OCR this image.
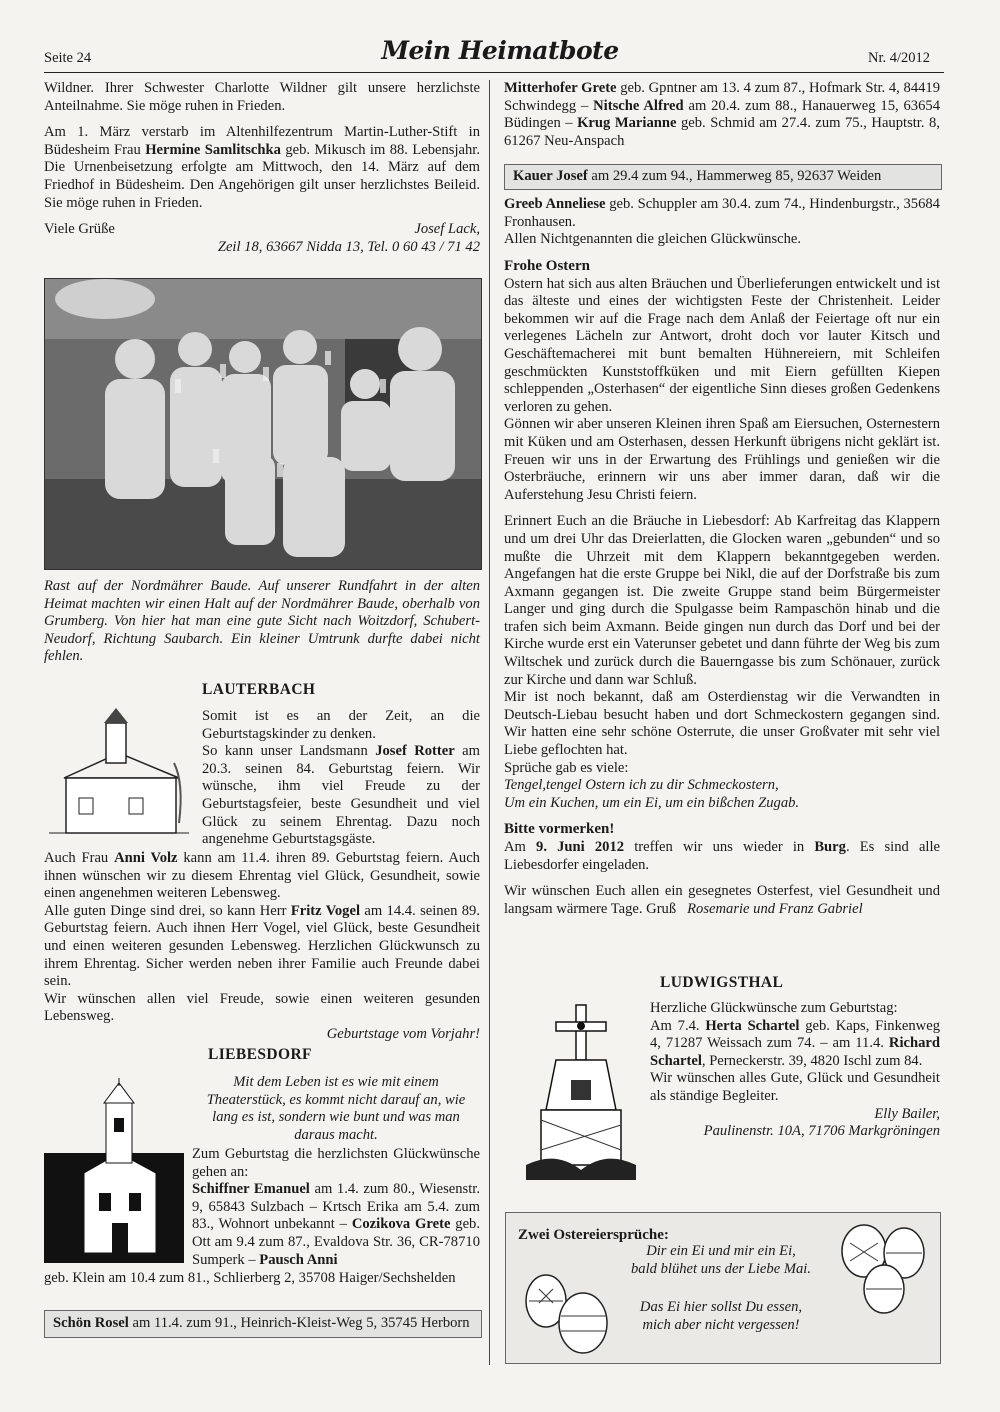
Seite 24	Mein Heimatbote	Nr. 4/2012

Wildner. Ihrer Schwester Charlotte Wildner gilt unsere herzlichste Anteilnahme. Sie möge ruhen in Frieden.

Am 1. März verstarb im Altenhilfezentrum Martin-Luther-Stift in Büdesheim Frau Hermine Samlitschka geb. Mikusch im 88. Lebensjahr. Die Urnenbeisetzung erfolgte am Mittwoch, den 14. März auf dem Friedhof in Büdesheim. Den Angehörigen gilt unser herzlichstes Beileid. Sie möge ruhen in Frieden.

Viele Grüße	Josef Lack,

Zeil 18, 63667 Nidda 13, Tel. 0 60 43 / 71 42

Rast auf der Nordmährer Baude. Auf unserer Rundfahrt in der alten Heimat machten wir einen Halt auf der Nordmährer Baude, oberhalb von Grumberg. Von hier hat man eine gute Sicht nach Woitzdorf, Schubert-Neudorf, Richtung Saubarch. Ein kleiner Umtrunk durfte dabei nicht fehlen.
LAUTERBACH

Somit ist es an der Zeit, an die Geburtstagskinder zu denken.

So kann unser Landsmann Josef Rotter am 20.3. seinen 84. Geburtstag feiern. Wir wünsche, ihm viel Freude zu der Geburtstagsfeier, beste Gesundheit und viel Glück zu seinem Ehrentag. Dazu noch angenehme Geburtstagsgäste.

Auch Frau Anni Volz kann am 11.4. ihren 89. Geburtstag feiern. Auch ihnen wünschen wir zu diesem Ehrentag viel Glück, Gesundheit, sowie einen angenehmen weiteren Lebensweg.

Alle guten Dinge sind drei, so kann Herr Fritz Vogel am 14.4. seinen 89. Geburtstag feiern. Auch ihnen Herr Vogel, viel Glück, beste Gesundheit und einen weiteren gesunden Lebensweg. Herzlichen Glückwunsch zu ihrem Ehrentag. Sicher werden neben ihrer Familie auch Freunde dabei sein.

Wir wünschen allen viel Freude, sowie einen weiteren gesunden Lebensweg.

Geburtstage vom Vorjahr!

LIEBESDORF
Mit dem Leben ist es wie mit einem Theaterstück, es kommt nicht darauf an, wie lang es ist, sondern wie bunt und was man daraus macht.

Zum Geburtstag die herzlichsten Glückwünsche gehen an:

Schiffner Emanuel am 1.4. zum 80., Wiesenstr. 9, 65843 Sulzbach – Krtsch Erika am 5.4. zum 83., Wohnort unbekannt – Cozikova Grete geb. Ott am 9.4 zum 87., Evaldova Str. 36, CR-78710 Sumperk – Pausch Anni

geb. Klein am 10.4 zum 81., Schlierberg 2, 35708 Haiger/Sechshelden

Schön Rosel am 11.4. zum 91., Heinrich-Kleist-Weg 5, 35745 Herborn

Mitterhofer Grete geb. Gpntner am 13. 4 zum 87., Hofmark Str. 4, 84419 Schwindegg – Nitsche Alfred am 20.4. zum 88., Hanauerweg 15, 63654 Büdingen – Krug Marianne geb. Schmid am 27.4. zum 75., Hauptstr. 8, 61267 Neu-Anspach

Kauer Josef am 29.4 zum 94., Hammerweg 85, 92637 Weiden

Greeb Anneliese geb. Schuppler am 30.4. zum 74., Hindenburgstr., 35684 Fronhausen.

Allen Nichtgenannten die gleichen Glückwünsche.

Frohe Ostern

Ostern hat sich aus alten Bräuchen und Überlieferungen entwickelt und ist das älteste und eines der wichtigsten Feste der Christenheit. Leider bekommen wir auf die Frage nach dem Anlaß der Feiertage oft nur ein verlegenes Lächeln zur Antwort, droht doch vor lauter Kitsch und Geschäftemacherei mit bunt bemalten Hühnereiern, mit Schleifen geschmückten Kunststoffküken und mit Eiern gefüllten Kiepen schleppenden „Osterhasen“ der eigentliche Sinn dieses großen Gedenkens verloren zu gehen.

Gönnen wir aber unseren Kleinen ihren Spaß am Eiersuchen, Osternestern mit Küken und am Osterhasen, dessen Herkunft übrigens nicht geklärt ist. Freuen wir uns in der Erwartung des Frühlings und genießen wir die Osterbräuche, erinnern wir uns aber immer daran, daß wir die Auferstehung Jesu Christi feiern.

Erinnert Euch an die Bräuche in Liebesdorf: Ab Karfreitag das Klappern und um drei Uhr das Dreierlatten, die Glocken waren „gebunden“ und so mußte die Uhrzeit mit dem Klappern bekanntgegeben werden. Angefangen hat die erste Gruppe bei Nikl, die auf der Dorfstraße bis zum Axmann gegangen ist. Die zweite Gruppe stand beim Bürgermeister Langer und ging durch die Spulgasse beim Rampaschön hinab und die trafen sich beim Axmann. Beide gingen nun durch das Dorf und bei der Kirche wurde erst ein Vaterunser gebetet und dann führte der Weg bis zum Wiltschek und zurück durch die Bauerngasse bis zum Schönauer, zurück zur Kirche und dann war Schluß.

Mir ist noch bekannt, daß am Osterdienstag wir die Verwandten in Deutsch-Liebau besucht haben und dort Schmeckostern gegangen sind. Wir hatten eine sehr schöne Osterrute, die unser Großvater mit sehr viel Liebe geflochten hat.

Sprüche gab es viele:

Tengel,tengel Ostern ich zu dir Schmeckostern,

Um ein Kuchen, um ein Ei, um ein bißchen Zugab.

Bitte vormerken!

Am 9. Juni 2012 treffen wir uns wieder in Burg. Es sind alle Liebesdorfer eingeladen.

Wir wünschen Euch allen ein gesegnetes Osterfest, viel Gesundheit und langsam wärmere Tage. Gruß Rosemarie und Franz Gabriel

LUDWIGSTHAL

Herzliche Glückwünsche zum Geburtstag:

Am 7.4. Herta Schartel geb. Kaps, Finkenweg 4, 71287 Weissach zum 74. – am 11.4. Richard Schartel, Perneckerstr. 39, 4820 Ischl zum 84.

Wir wünschen alles Gute, Glück und Gesundheit als ständige Begleiter.

Elly Bailer,

Paulinenstr. 10A, 71706 Markgröningen

Zwei Ostereiersprüche:
Dir ein Ei und mir ein Ei,
bald blühet uns der Liebe Mai.
Das Ei hier sollst Du essen,
mich aber nicht vergessen!
